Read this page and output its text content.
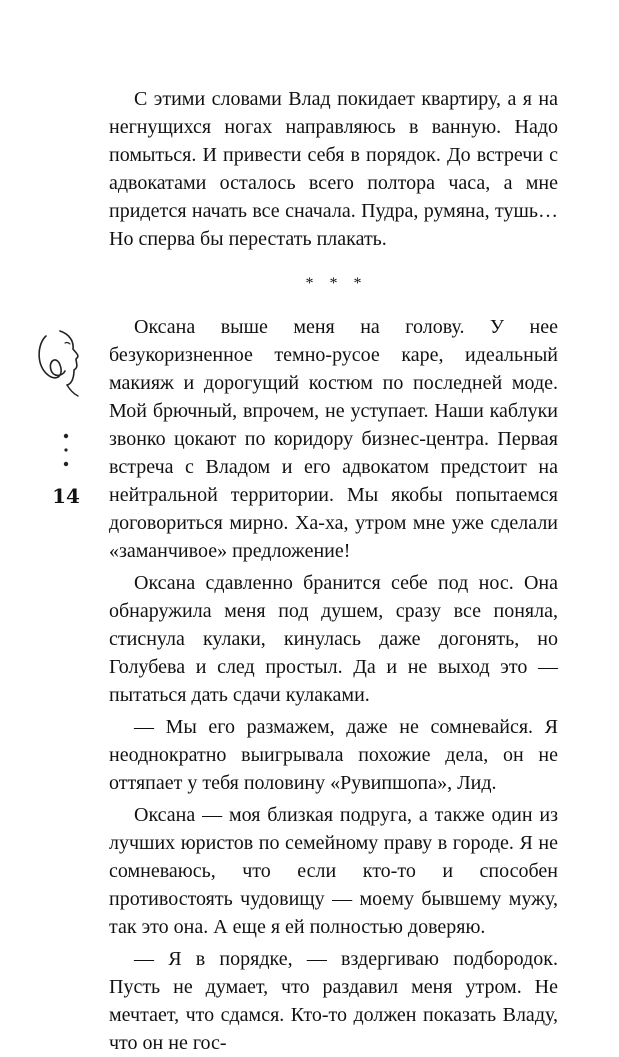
С этими словами Влад покидает квартиру, а я на негнущихся ногах направляюсь в ванную. Надо помыться. И привести себя в порядок. До встречи с адвокатами осталось всего полтора часа, а мне придется начать все сначала. Пудра, румяна, тушь… Но сперва бы перестать плакать.

* * *

Оксана выше меня на голову. У нее безукоризненное темно-русое каре, идеальный макияж и дорогущий костюм по последней моде. Мой брючный, впрочем, не уступает. Наши каблуки звонко цокают по коридору бизнес-центра. Первая встреча с Владом и его адвокатом предстоит на нейтральной территории. Мы якобы попытаемся договориться мирно. Ха-ха, утром мне уже сделали «заманчивое» предложение!

Оксана сдавленно бранится себе под нос. Она обнаружила меня под душем, сразу все поняла, стиснула кулаки, кинулась даже догонять, но Голубева и след простыл. Да и не выход это — пытаться дать сдачи кулаками.

— Мы его размажем, даже не сомневайся. Я неоднократно выигрывала похожие дела, он не оттяпает у тебя половину «Рувипшопа», Лид.

Оксана — моя близкая подруга, а также один из лучших юристов по семейному праву в городе. Я не сомневаюсь, что если кто-то и способен противостоять чудовищу — моему бывшему мужу, так это она. А еще я ей полностью доверяю.

— Я в порядке, — вздергиваю подбородок. Пусть не думает, что раздавил меня утром. Не мечтает, что сдамся. Кто-то должен показать Владу, что он не гос-

14
